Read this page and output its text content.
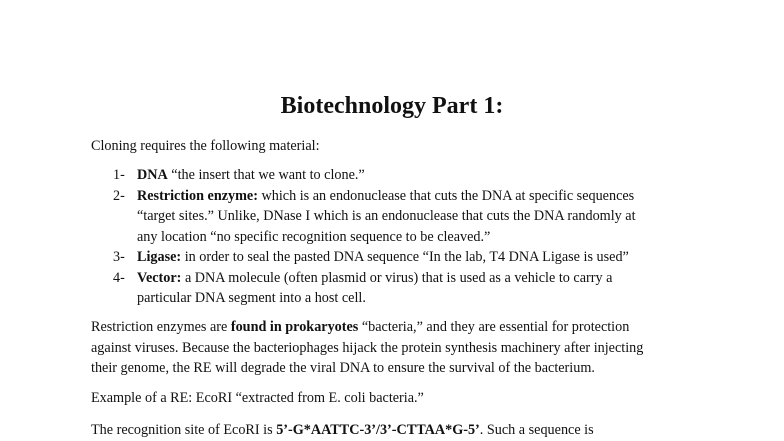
Biotechnology Part 1:
Cloning requires the following material:
1- DNA “the insert that we want to clone.”
2- Restriction enzyme: which is an endonuclease that cuts the DNA at specific sequences
“target sites.” Unlike, DNase I which is an endonuclease that cuts the DNA randomly at
any location “no specific recognition sequence to be cleaved.”
3- Ligase: in order to seal the pasted DNA sequence “In the lab, T4 DNA Ligase is used”
4- Vector: a DNA molecule (often plasmid or virus) that is used as a vehicle to carry a
particular DNA segment into a host cell.
Restriction enzymes are found in prokaryotes “bacteria,” and they are essential for protection
against viruses. Because the bacteriophages hijack the protein synthesis machinery after injecting
their genome, the RE will degrade the viral DNA to ensure the survival of the bacterium.
Example of a RE: EcoRI “extracted from E. coli bacteria.”
The recognition site of EcoRI is 5’-G*AATTC-3’/3’-CTTAA*G-5’. Such a sequence is
